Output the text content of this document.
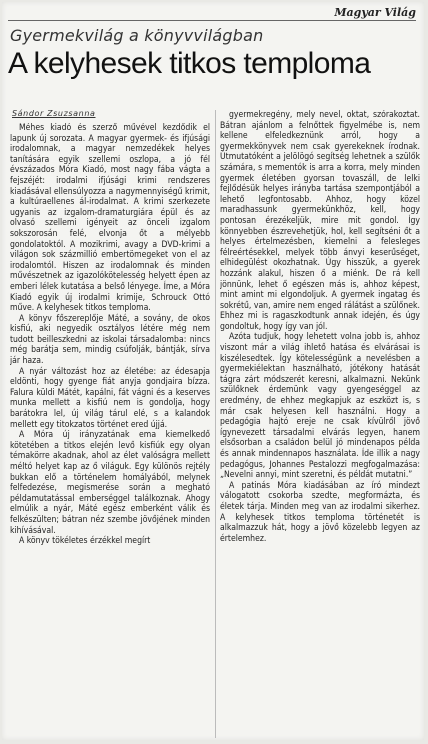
Magyar Világ
Gyermekvilág a könyvvilágban
A kelyhesek titkos temploma
Sándor Zsuzsanna

Méhes kiadó és szerző művével kezdődik el lapunk új sorozata. A magyar gyermek- és ifjúsági irodalomnak, a magyar nemzedékek helyes tanítására egyik szellemi oszlopa, a jó fél évszázados Móra Kiadó, most nagy fába vágta a fejszéjét: irodalmi ifjúsági krimi rendszeres kiadásával ellensúlyozza a nagymennyiségű krimit, a kultúraellenes ál-irodalmat. A krimi szerkezete ugyanis az izgalom-dramaturgiára épül és az olvasó szellemi igényeit az önceli izgalom sokszorosán felé, elvonja őt a mélyebb gondolatoktól. A mozikrimi, avagy a DVD-krimi a világon sok százmillió embertömegeket von el az irodalomtól. Hiszen az irodalomnak és minden művészetnek az igazolókötelesség helyett épen az emberi lélek kutatása a belső lényege. Íme, a Móra Kiadó egyik új irodalmi krimije, Schrouck Ottó műve. A kelyhesek titkos temploma.

A könyv főszereplője Máté, a sovány, de okos kisfiú, aki negyedik osztályos létére még nem tudott beilleszkedni az iskolai társadalomba: nincs még barátja sem, mindig csúfolják, bántják, sírva jár haza.

A nyár változást hoz az életébe: az édesapja eldönti, hogy gyenge fiát anyja gondjaira bízza. Falura küldi Mátét, kapálni, fát vágni és a keserves munka mellett a kisfiú nem is gondolja, hogy barátokra lel, új világ tárul elé, s a kalandok mellett egy titokzatos történet ered újjá.

A Móra új irányzatának ema kiemelkedő kötetében a titkos elején levő kisfiúk egy olyan témakörre akadnak, ahol az élet valóságra mellett méltó helyet kap az ő világuk. Egy különös rejtély bukkan elő a történelem homályából, melynek felfedezése, megismerése során a megható példamutatással emberséggel találkoznak. Ahogy elmúlik a nyár, Máté egész emberként válik és felkészülten; bátran néz szembe jövőjének minden kihívásával.

A könyv tökéletes érzékkel megírt

gyermekregény, mely nevel, oktat, szórakoztat. Bátran ajánlom a felnőttek figyelmébe is, nem kellene elfeledkeznünk arról, hogy a gyermekkönyvek nem csak gyerekeknek írodnak. Útmutatóként a jelölögó segítség lehetnek a szülők számára, s mementók is arra a korra, mely minden gyermek életében gyorsan tovaszáll, de lelki fejlődésük helyes irányba tartása szempontjából a lehető legfontosabb. Ahhoz, hogy közel maradhassunk gyermekünkhöz, kell, hogy pontosan érezékeljük, mire mit gondol. Így könnyebben észrevehetjük, hol, kell segítséni őt a helyes értelmezésben, kiemelni a felesleges félreértésekkel, melyek több ánvyi keserűséget, elhidegülést okozhatnak. Úgy hisszük, a gyerek hozzánk alakul, hiszen ő a miénk. De rá kell jönnünk, lehet ő egészen más is, ahhoz képest, mint amint mi elgondoljuk. A gyermek ingatag és sokrétű, van, amire nem enged rálátást a szülőnek. Ehhez mi is ragaszkodtunk annak idején, és úgy gondoltuk, hogy így van jól.

Azóta tudjuk, hogy lehetett volna jobb is, ahhoz viszont már a világ ihlető hatása és elvárásai is kiszélesedtek. Így kötelességünk a nevelésben a gyermekiélektan használható, jótékony hatását tágra zárt módszerét keresni, alkalmazni. Nekünk szülőknek érdemünk vagy gyengeséggel az eredmény, de ehhez megkapjuk az eszközt is, s már csak helyesen kell használni. Hogy a pedagógia hajtó ereje ne csak kívülről jövő ígynevezett társadalmi elvárás legyen, hanem elsősorban a családon belül jó mindenapos példa és annak mindennapos használata. Íde illik a nagy pedagógus, Johannes Pestalozzi megfogalmazása: „Nevelni annyi, mint szeretni, és példát mutatni.”

A patinás Móra kiadásában az író mindezt válogatott csokorba szedte, megformázta, és életek tárja. Minden meg van az irodalmi sikerhez. A kelyhesek titkos temploma történetét is alkalmazzuk hát, hogy a jövő közelebb legyen az értelemhez.
